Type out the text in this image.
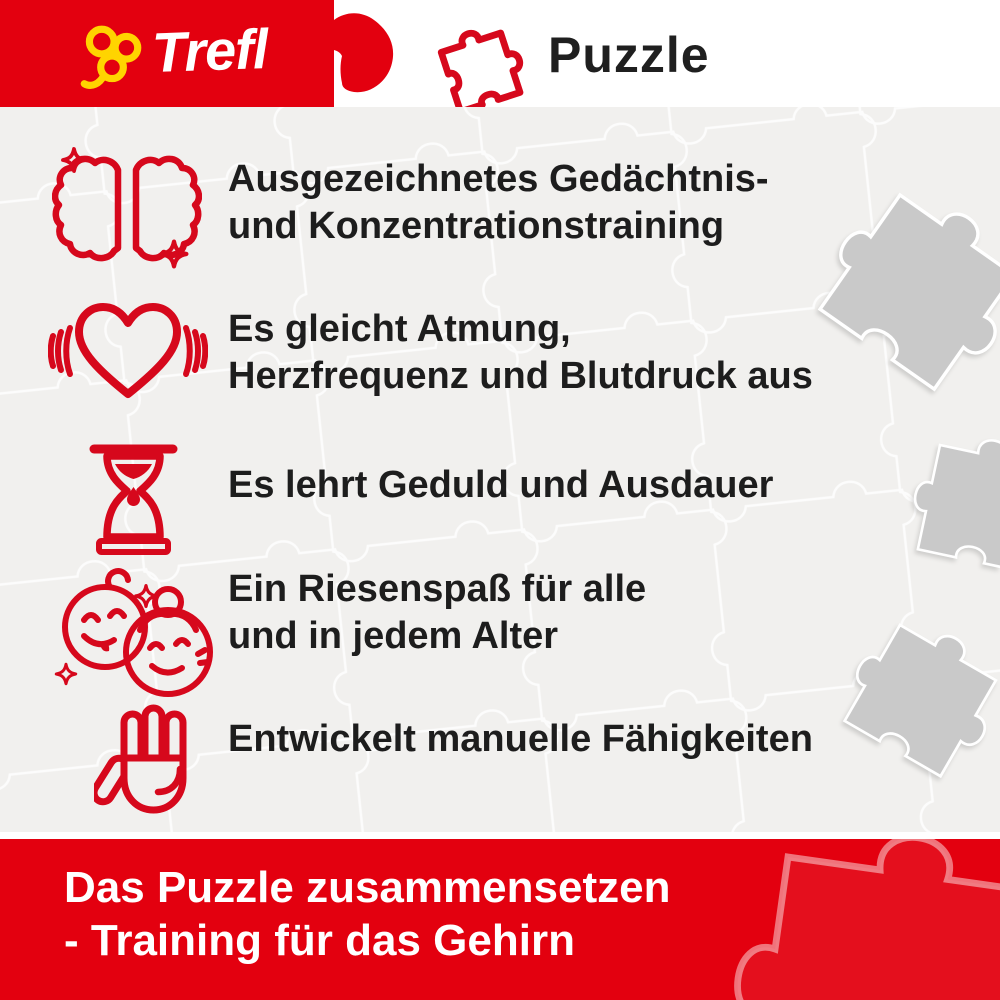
Trefl	Puzzle
Ausgezeichnetes Gedächtnis-
und Konzentrationstraining
Es gleicht Atmung,
Herzfrequenz und Blutdruck aus
Es lehrt Geduld und Ausdauer
Ein Riesenspaß für alle
und in jedem Alter
Entwickelt manuelle Fähigkeiten
Das Puzzle zusammensetzen
- Training für das Gehirn
